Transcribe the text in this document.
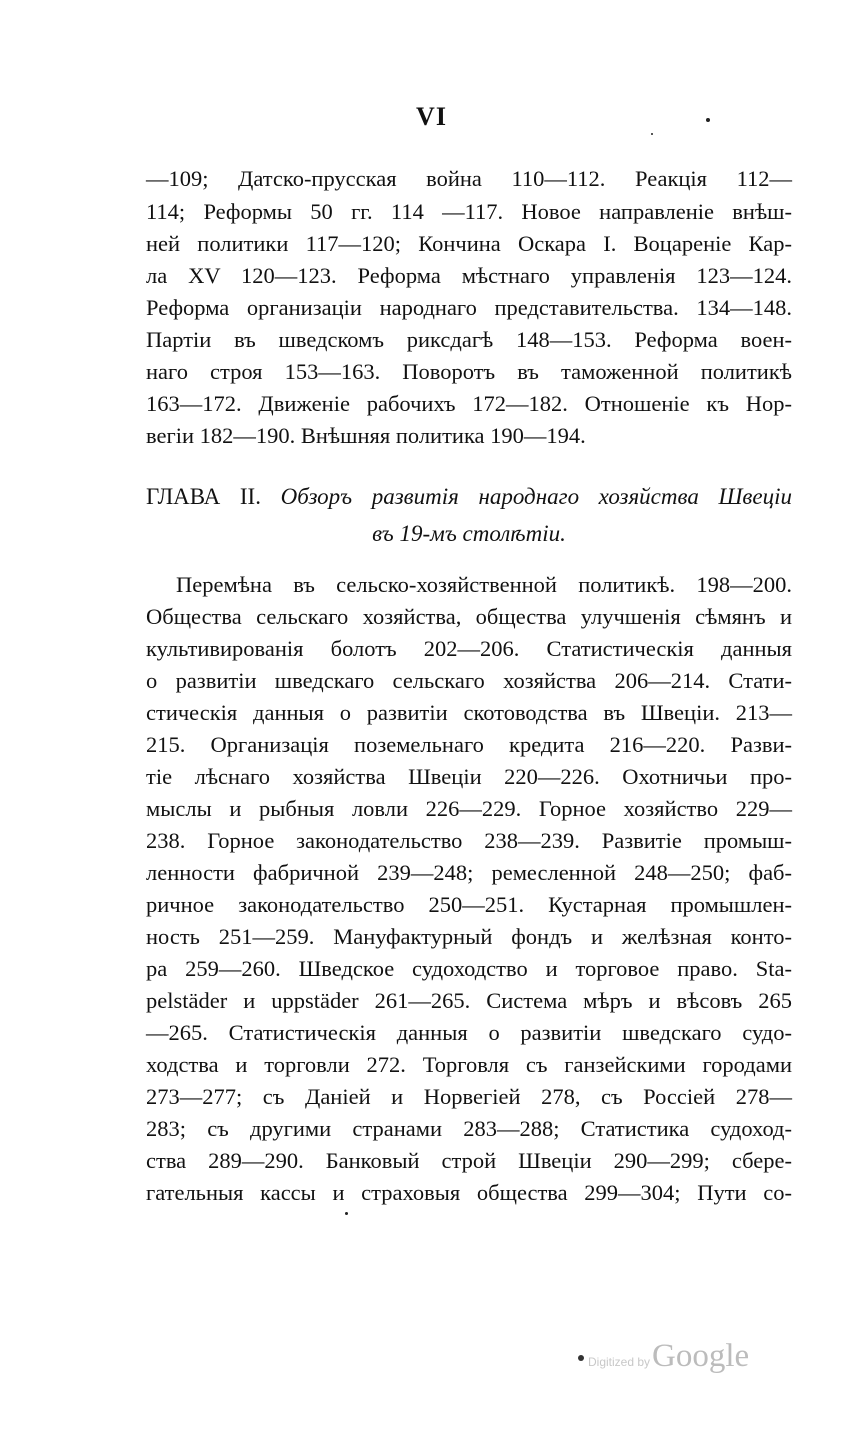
VI
—109; Датско-прусская война 110—112. Реакція 112—
114; Реформы 50 гг. 114 —117. Новое направленіе внѣш-
ней политики 117—120; Кончина Оскара I. Воцареніе Кар-
ла XV 120—123. Реформа мѣстнаго управленія 123—124.
Реформа организаціи народнаго представительства. 134—148.
Партіи въ шведскомъ риксдагѣ 148—153. Реформа воен-
наго строя 153—163. Поворотъ въ таможенной политикѣ
163—172. Движеніе рабочихъ 172—182. Отношеніе къ Нор-
вегіи 182—190. Внѣшняя политика 190—194.
ГЛАВА II. Обзоръ развитія народнаго хозяйства Швеціи
въ 19-мъ столѣтіи.
Перемѣна въ сельско-хозяйственной политикѣ. 198—200.
Общества сельскаго хозяйства, общества улучшенія сѣмянъ и
культивированія болотъ 202—206. Статистическія данныя
о развитіи шведскаго сельскаго хозяйства 206—214. Стати-
стическія данныя о развитіи скотоводства въ Швеціи. 213—
215. Организація поземельнаго кредита 216—220. Разви-
тіе лѣснаго хозяйства Швеціи 220—226. Охотничьи про-
мыслы и рыбныя ловли 226—229. Горное хозяйство 229—
238. Горное законодательство 238—239. Развитіе промыш-
ленности фабричной 239—248; ремесленной 248—250; фаб-
ричное законодательство 250—251. Кустарная промышлен-
ность 251—259. Мануфактурный фондъ и желѣзная конто-
ра 259—260. Шведское судоходство и торговое право. Sta-
pelstäder и uppstäder 261—265. Система мѣръ и вѣсовъ 265
—265. Статистическія данныя о развитіи шведскаго судо-
ходства и торговли 272. Торговля съ ганзейскими городами
273—277; съ Даніей и Норвегіей 278, съ Россіей 278—
283; съ другими странами 283—288; Статистика судоход-
ства 289—290. Банковый строй Швеціи 290—299; сбере-
гательныя кассы и страховыя общества 299—304; Пути со-
Digitized by Google
